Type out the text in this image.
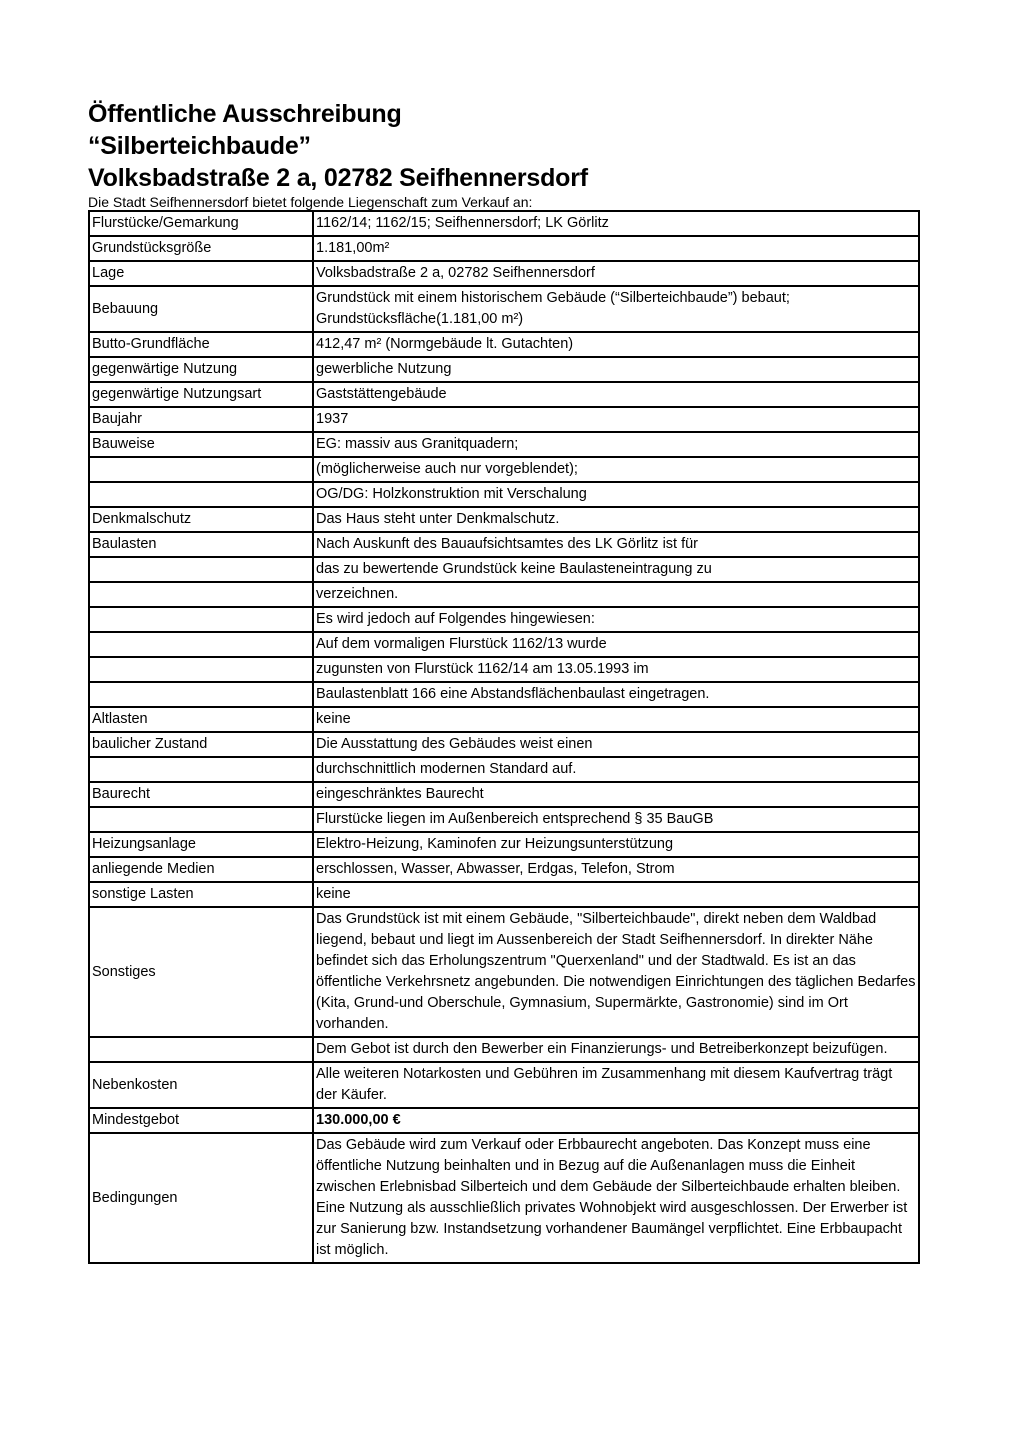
Öffentliche Ausschreibung
“Silberteichbaude”
Volksbadstraße 2 a, 02782 Seifhennersdorf

Die Stadt Seifhennersdorf bietet folgende Liegenschaft zum Verkauf an:

Flurstücke/Gemarkung	1162/14; 1162/15; Seifhennersdorf; LK Görlitz
Grundstücksgröße	1.181,00m²
Lage	Volksbadstraße 2 a, 02782 Seifhennersdorf
Bebauung	Grundstück mit einem historischem Gebäude (“Silberteichbaude”) bebaut; Grundstücksfläche(1.181,00 m²)
Butto-Grundfläche	412,47 m² (Normgebäude lt. Gutachten)
gegenwärtige Nutzung	gewerbliche Nutzung
gegenwärtige Nutzungsart	Gaststättengebäude
Baujahr	1937
Bauweise	EG: massiv aus Granitquadern;
	(möglicherweise auch nur vorgeblendet);
	OG/DG: Holzkonstruktion mit Verschalung
Denkmalschutz	Das Haus steht unter Denkmalschutz.
Baulasten	Nach Auskunft des Bauaufsichtsamtes des LK Görlitz ist für
	das zu bewertende Grundstück keine Baulasteneintragung zu
	verzeichnen.
	Es wird jedoch auf Folgendes hingewiesen:
	Auf dem vormaligen Flurstück 1162/13 wurde
	zugunsten von Flurstück 1162/14 am 13.05.1993 im
	Baulastenblatt 166 eine Abstandsflächenbaulast eingetragen.
Altlasten	keine
baulicher Zustand	Die Ausstattung des Gebäudes weist einen
	durchschnittlich modernen Standard auf.
Baurecht	eingeschränktes Baurecht
	Flurstücke liegen im Außenbereich entsprechend § 35 BauGB
Heizungsanlage	Elektro-Heizung, Kaminofen zur Heizungsunterstützung
anliegende Medien	erschlossen, Wasser, Abwasser, Erdgas, Telefon, Strom
sonstige Lasten	keine
Sonstiges	Das Grundstück ist mit einem Gebäude, "Silberteichbaude", direkt neben dem Waldbad liegend, bebaut und liegt im Aussenbereich der Stadt Seifhennersdorf. In direkter Nähe befindet sich das Erholungszentrum "Querxenland" und der Stadtwald. Es ist an das öffentliche Verkehrsnetz angebunden. Die notwendigen Einrichtungen des täglichen Bedarfes (Kita, Grund-und Oberschule, Gymnasium, Supermärkte, Gastronomie) sind im Ort vorhanden.
	Dem Gebot ist durch den Bewerber ein Finanzierungs- und Betreiberkonzept beizufügen.
Nebenkosten	Alle weiteren Notarkosten und Gebühren im Zusammenhang mit diesem Kaufvertrag trägt der Käufer.
Mindestgebot	130.000,00 €
Bedingungen	Das Gebäude wird zum Verkauf oder Erbbaurecht angeboten. Das Konzept muss eine öffentliche Nutzung beinhalten und in Bezug auf die Außenanlagen muss die Einheit zwischen Erlebnisbad Silberteich und dem Gebäude der Silberteichbaude erhalten bleiben. Eine Nutzung als ausschließlich privates Wohnobjekt wird ausgeschlossen. Der Erwerber ist zur Sanierung bzw. Instandsetzung vorhandener Baumängel verpflichtet. Eine Erbbaupacht ist möglich.
